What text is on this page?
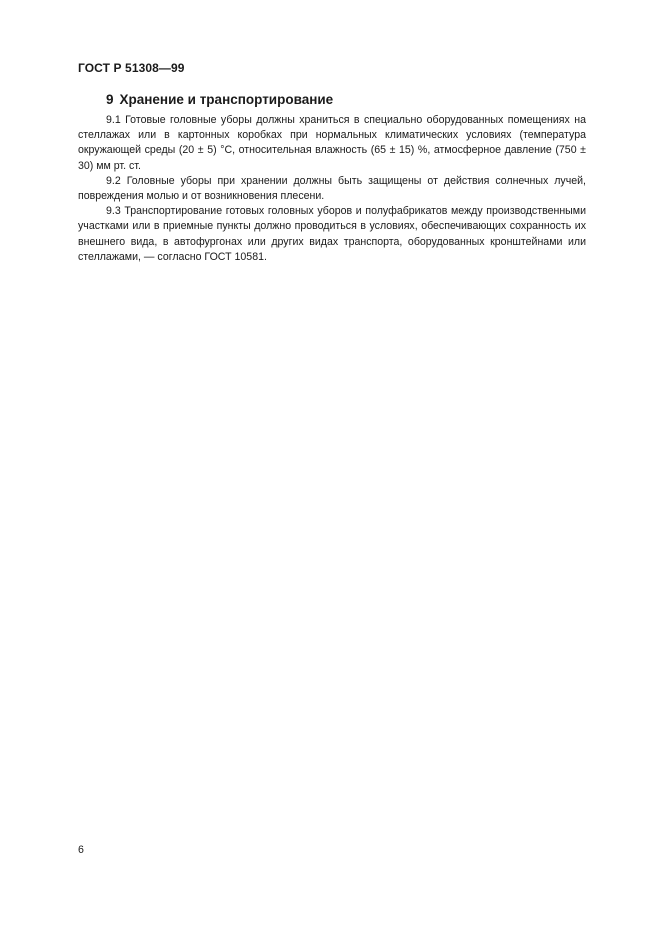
ГОСТ Р 51308—99
9 Хранение и транспортирование

9.1 Готовые головные уборы должны храниться в специально оборудованных помещениях на стеллажах или в картонных коробках при нормальных климатических условиях (температура окружающей среды (20 ± 5) °С, относительная влажность (65 ± 15) %, атмосферное давление (750 ± 30) мм рт. ст.

9.2 Головные уборы при хранении должны быть защищены от действия солнечных лучей, повреждения молью и от возникновения плесени.

9.3 Транспортирование готовых головных уборов и полуфабрикатов между производственными участками или в приемные пункты должно проводиться в условиях, обеспечивающих сохранность их внешнего вида, в автофургонах или других видах транспорта, оборудованных кронштейнами или стеллажами, — согласно ГОСТ 10581.

6
